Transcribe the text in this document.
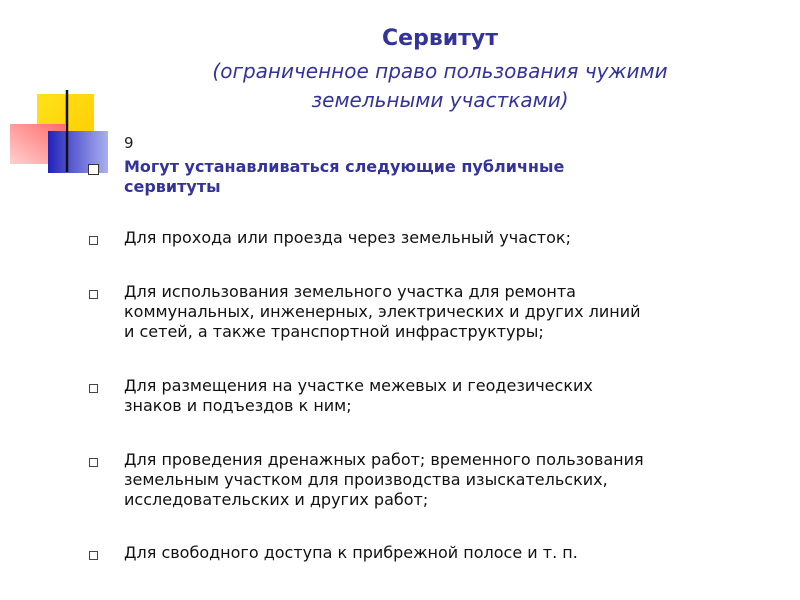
Сервитут
(ограниченное право пользования чужими
земельными участками)
9
Могут устанавливаться следующие публичные
сервитуты
Для прохода или проезда через земельный участок;
Для использования земельного участка для ремонта
коммунальных, инженерных, электрических и других линий
и сетей, а также транспортной инфраструктуры;
Для размещения на участке межевых и геодезических
знаков и подъездов к ним;
Для проведения дренажных работ; временного пользования
земельным участком для производства изыскательских,
исследовательских и других работ;
Для свободного доступа к прибрежной полосе и т. п.
